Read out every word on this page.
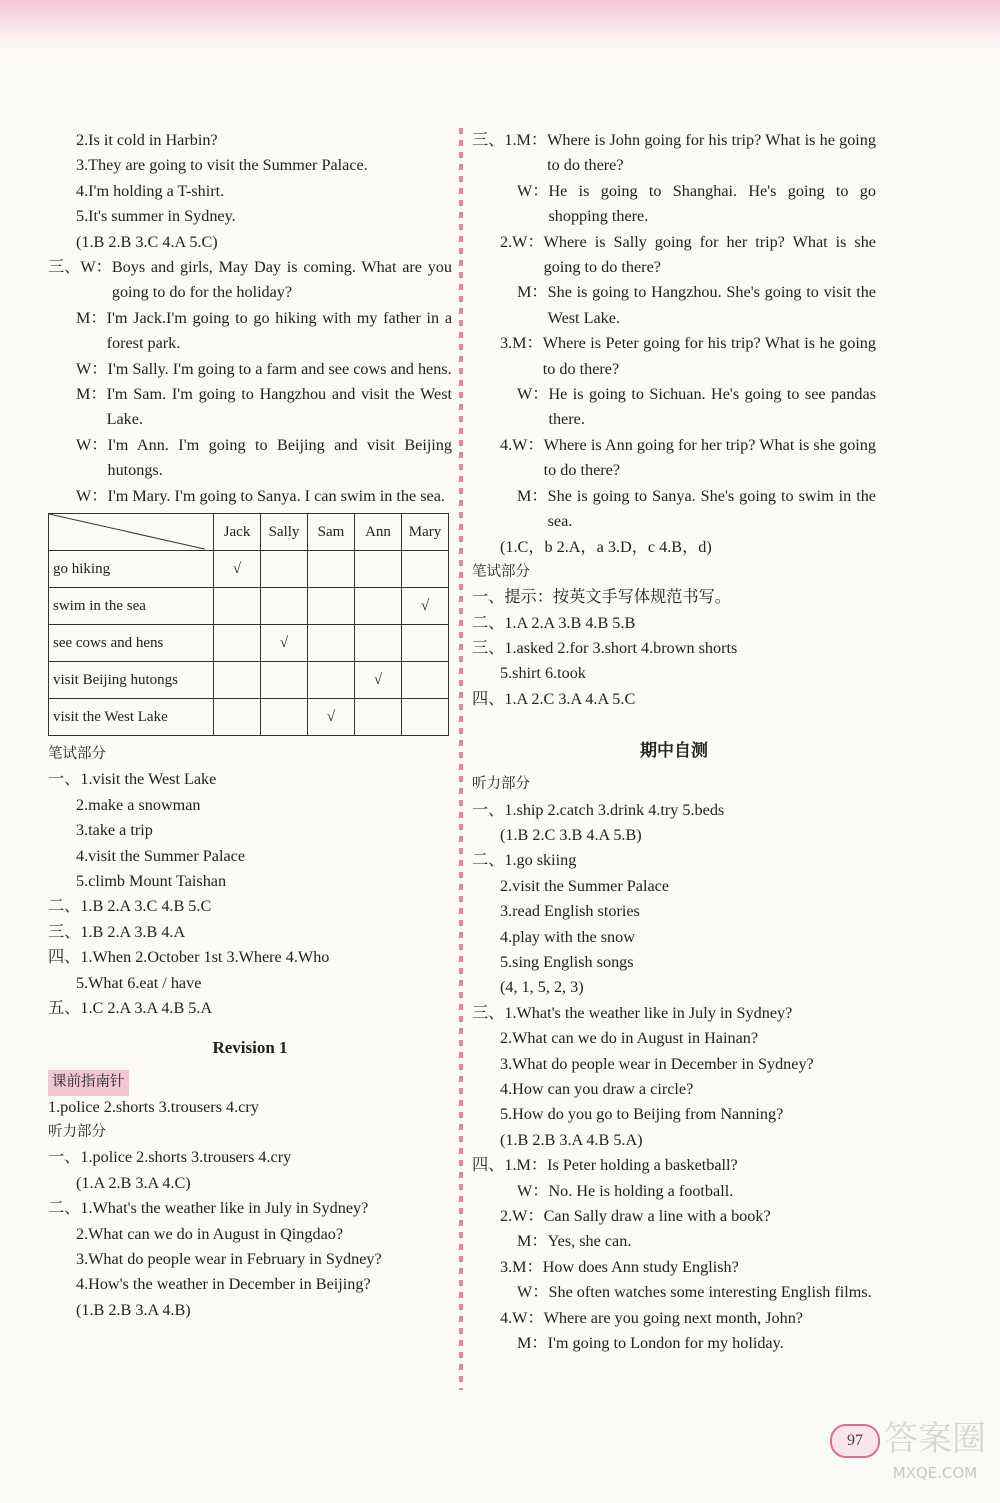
2.Is it cold in Harbin?
3.They are going to visit the Summer Palace.
4.I'm holding a T-shirt.
5.It's summer in Sydney.
(1.B 2.B 3.C 4.A 5.C)
三、 W： Boys and girls, May Day is coming. What are you going to do for the holiday?
M： I'm Jack.I'm going to go hiking with my father in a forest park.
W： I'm Sally. I'm going to a farm and see cows and hens.
M： I'm Sam. I'm going to Hangzhou and visit the West Lake.
W： I'm Ann. I'm going to Beijing and visit Beijing hutongs.
W： I'm Mary. I'm going to Sanya. I can swim in the sea.
	Jack	Sally	Sam	Ann	Mary
go hiking	√				
swim in the sea					√
see cows and hens		√			
visit Beijing hutongs				√	
visit the West Lake			√		
笔试部分
一、1.visit the West Lake
2.make a snowman
3.take a trip
4.visit the Summer Palace
5.climb Mount Taishan
二、1.B 2.A 3.C 4.B 5.C
三、1.B 2.A 3.B 4.A
四、1.When 2.October 1st 3.Where 4.Who
5.What 6.eat / have
五、1.C 2.A 3.A 4.B 5.A
Revision 1
课前指南针
1.police 2.shorts 3.trousers 4.cry
听力部分
一、1.police 2.shorts 3.trousers 4.cry
(1.A 2.B 3.A 4.C)
二、1.What's the weather like in July in Sydney?
2.What can we do in August in Qingdao?
3.What do people wear in February in Sydney?
4.How's the weather in December in Beijing?
(1.B 2.B 3.A 4.B)
三、 1. M： Where is John going for his trip? What is he going to do there?
W： He is going to Shanghai. He's going to go shopping there.
2. W： Where is Sally going for her trip? What is she going to do there?
M： She is going to Hangzhou. She's going to visit the West Lake.
3. M： Where is Peter going for his trip? What is he going to do there?
W： He is going to Sichuan. He's going to see pandas there.
4. W： Where is Ann going for her trip? What is she going to do there?
M： She is going to Sanya. She's going to swim in the sea.
(1.C，b 2.A，a 3.D，c 4.B，d)
笔试部分
一、提示：按英文手写体规范书写。
二、1.A 2.A 3.B 4.B 5.B
三、1.asked 2.for 3.short 4.brown shorts
5.shirt 6.took
四、1.A 2.C 3.A 4.A 5.C
期中自测
听力部分
一、1.ship 2.catch 3.drink 4.try 5.beds
(1.B 2.C 3.B 4.A 5.B)
二、1.go skiing
2.visit the Summer Palace
3.read English stories
4.play with the snow
5.sing English songs
(4, 1, 5, 2, 3)
三、1.What's the weather like in July in Sydney?
2.What can we do in August in Hainan?
3.What do people wear in December in Sydney?
4.How can you draw a circle?
5.How do you go to Beijing from Nanning?
(1.B 2.B 3.A 4.B 5.A)
四、 1. M： Is Peter holding a basketball?
W： No. He is holding a football.
2. W： Can Sally draw a line with a book?
M： Yes, she can.
3. M： How does Ann study English?
W： She often watches some interesting English films.
4. W： Where are you going next month, John?
M： I'm going to London for my holiday.
97 答案圈
MXQE.COM
